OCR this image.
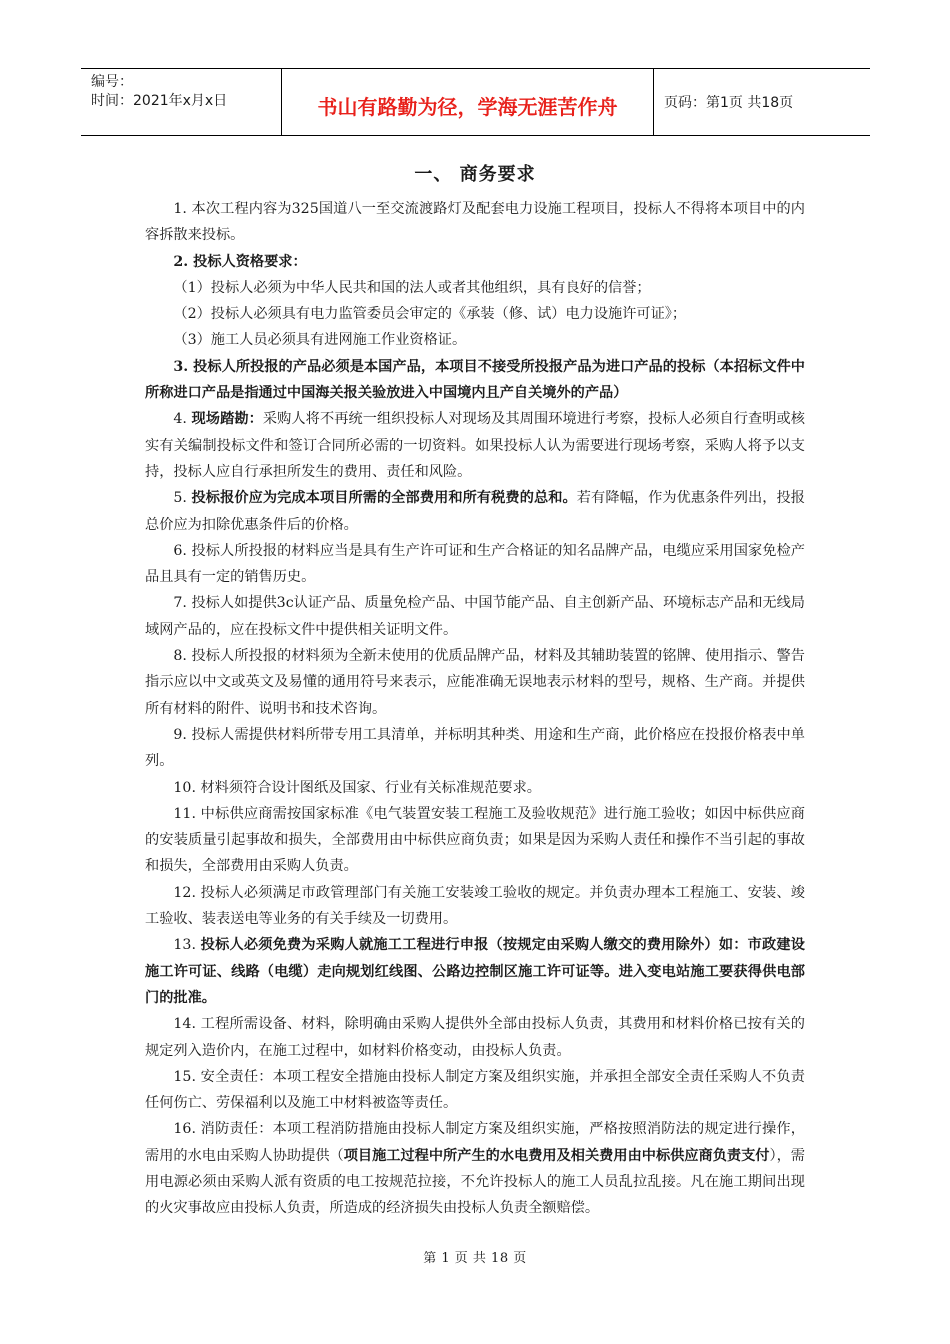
编号：
时间：2021年x月x日	书山有路勤为径，学海无涯苦作舟	页码：第1页 共18页
一、 商务要求

1. 本次工程内容为325国道八一至交流渡路灯及配套电力设施工程项目，投标人不得将本项目中的内容拆散来投标。

2. 投标人资格要求：

（1）投标人必须为中华人民共和国的法人或者其他组织，具有良好的信誉；

（2）投标人必须具有电力监管委员会审定的《承装（修、试）电力设施许可证》；

（3）施工人员必须具有进网施工作业资格证。

3. 投标人所投报的产品必须是本国产品，本项目不接受所投报产品为进口产品的投标（本招标文件中所称进口产品是指通过中国海关报关验放进入中国境内且产自关境外的产品）

4. 现场踏勘：采购人将不再统一组织投标人对现场及其周围环境进行考察，投标人必须自行查明或核实有关编制投标文件和签订合同所必需的一切资料。如果投标人认为需要进行现场考察，采购人将予以支持，投标人应自行承担所发生的费用、责任和风险。

5. 投标报价应为完成本项目所需的全部费用和所有税费的总和。若有降幅，作为优惠条件列出，投报总价应为扣除优惠条件后的价格。

6. 投标人所投报的材料应当是具有生产许可证和生产合格证的知名品牌产品，电缆应采用国家免检产品且具有一定的销售历史。

7. 投标人如提供3c认证产品、质量免检产品、中国节能产品、自主创新产品、环境标志产品和无线局域网产品的，应在投标文件中提供相关证明文件。

8. 投标人所投报的材料须为全新未使用的优质品牌产品，材料及其辅助装置的铭牌、使用指示、警告指示应以中文或英文及易懂的通用符号来表示，应能准确无误地表示材料的型号，规格、生产商。并提供所有材料的附件、说明书和技术咨询。

9. 投标人需提供材料所带专用工具清单，并标明其种类、用途和生产商，此价格应在投报价格表中单列。

10. 材料须符合设计图纸及国家、行业有关标准规范要求。

11. 中标供应商需按国家标准《电气装置安装工程施工及验收规范》进行施工验收；如因中标供应商的安装质量引起事故和损失，全部费用由中标供应商负责；如果是因为采购人责任和操作不当引起的事故和损失，全部费用由采购人负责。

12. 投标人必须满足市政管理部门有关施工安装竣工验收的规定。并负责办理本工程施工、安装、竣工验收、装表送电等业务的有关手续及一切费用。

13. 投标人必须免费为采购人就施工工程进行申报（按规定由采购人缴交的费用除外）如：市政建设施工许可证、线路（电缆）走向规划红线图、公路边控制区施工许可证等。进入变电站施工要获得供电部门的批准。

14. 工程所需设备、材料，除明确由采购人提供外全部由投标人负责，其费用和材料价格已按有关的规定列入造价内，在施工过程中，如材料价格变动，由投标人负责。

15. 安全责任：本项工程安全措施由投标人制定方案及组织实施，并承担全部安全责任采购人不负责任何伤亡、劳保福利以及施工中材料被盗等责任。

16. 消防责任：本项工程消防措施由投标人制定方案及组织实施，严格按照消防法的规定进行操作，需用的水电由采购人协助提供（项目施工过程中所产生的水电费用及相关费用由中标供应商负责支付），需用电源必须由采购人派有资质的电工按规范拉接，不允许投标人的施工人员乱拉乱接。凡在施工期间出现的火灾事故应由投标人负责，所造成的经济损失由投标人负责全额赔偿。

第 1 页 共 18 页
